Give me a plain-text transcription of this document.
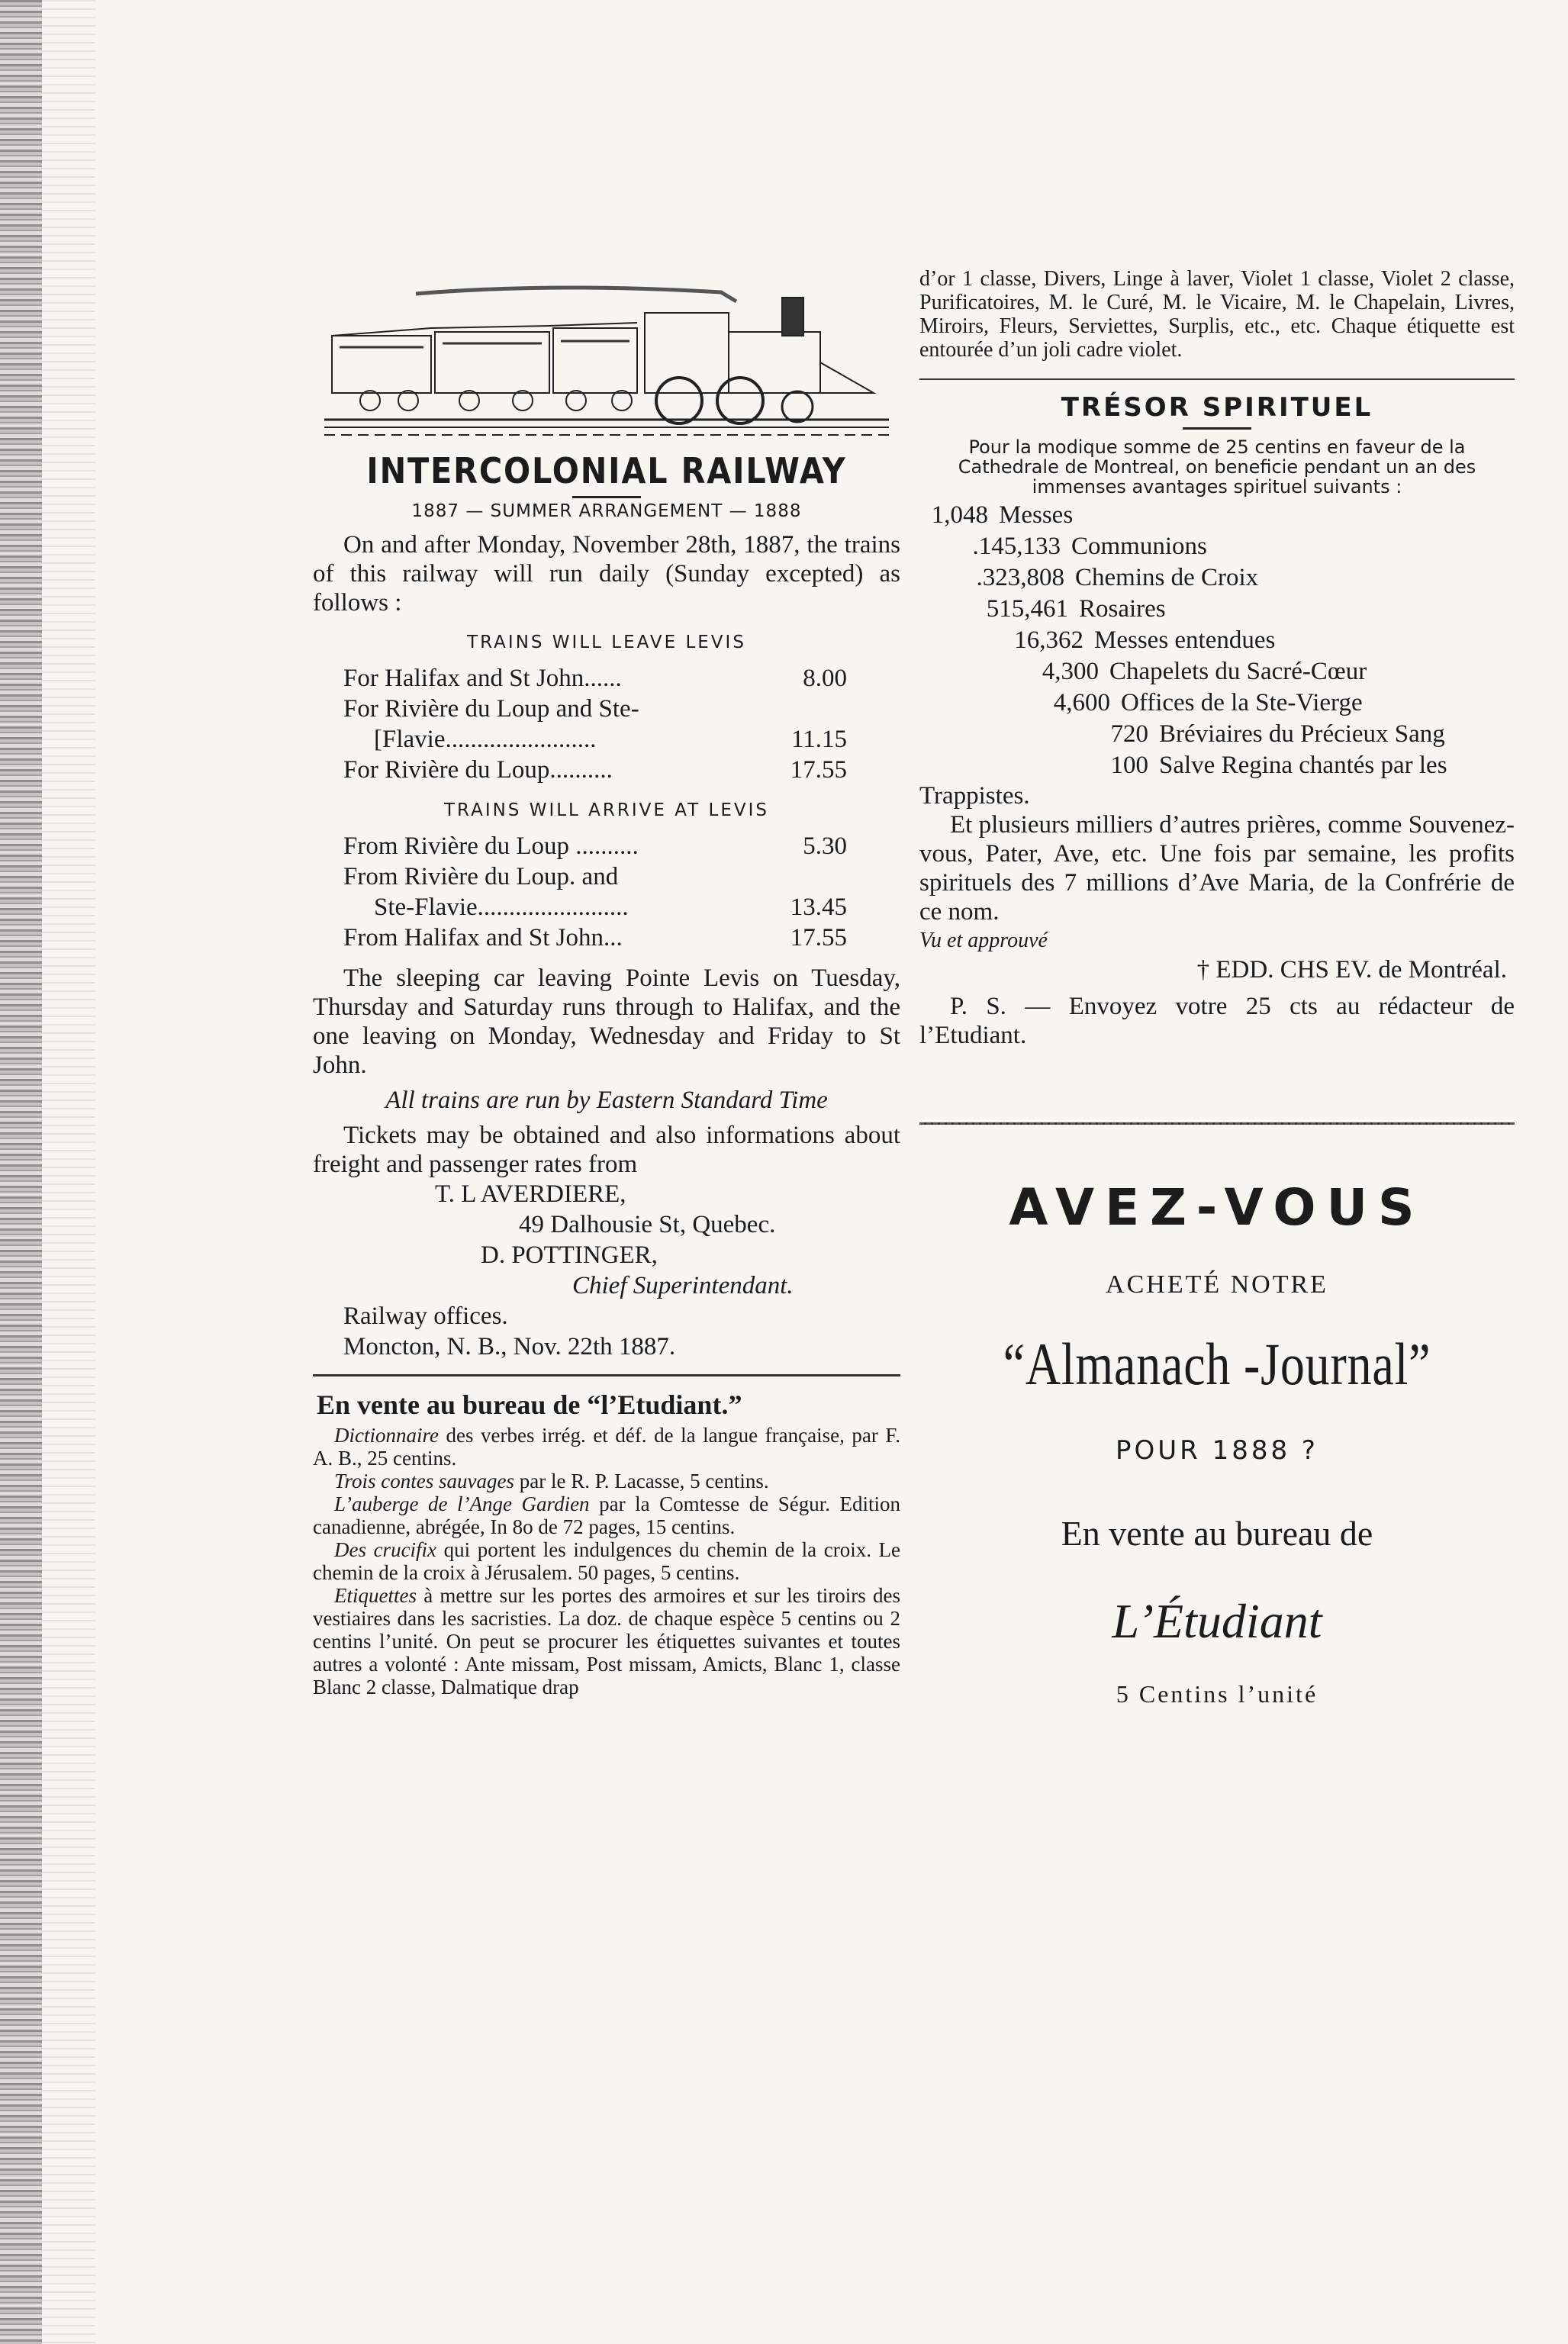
INTERCOLONIAL RAILWAY
1887 — SUMMER ARRANGEMENT — 1888
On and after Monday, November 28th, 1887, the trains of this railway will run daily (Sunday excepted) as follows :
TRAINS WILL LEAVE LEVIS
For Halifax and St John......	8.00
For Rivière du Loup and Ste-
[Flavie........................	11.15
For Rivière du Loup..........	17.55
TRAINS WILL ARRIVE AT LEVIS
From Rivière du Loup ..........	5.30
From Rivière du Loup. and
Ste-Flavie........................	13.45
From Halifax and St John...	17.55
The sleeping car leaving Pointe Levis on Tuesday, Thursday and Saturday runs through to Halifax, and the one leaving on Monday, Wednesday and Friday to St John.
All trains are run by Eastern Standard Time
Tickets may be obtained and also informations about freight and passenger rates from
T. L AVERDIERE,
49 Dalhousie St, Quebec.
D. POTTINGER,
Chief Superintendant.
Railway offices.
Moncton, N. B., Nov. 22th 1887.
En vente au bureau de “l’Etudiant.”
Dictionnaire des verbes irrég. et déf. de la langue française, par F. A. B., 25 centins.
Trois contes sauvages par le R. P. Lacasse, 5 centins.
L’auberge de l’Ange Gardien par la Comtesse de Ségur. Edition canadienne, abrégée, In 8o de 72 pages, 15 centins.
Des crucifix qui portent les indulgences du chemin de la croix. Le chemin de la croix à Jérusalem. 50 pages, 5 centins.
Etiquettes à mettre sur les portes des armoires et sur les tiroirs des vestiaires dans les sacristies. La doz. de chaque espèce 5 centins ou 2 centins l’unité. On peut se procurer les étiquettes suivantes et toutes autres a volonté : Ante missam, Post missam, Amicts, Blanc 1, classe Blanc 2 classe, Dalmatique drap
d’or 1 classe, Divers, Linge à laver, Violet 1 classe, Violet 2 classe, Purificatoires, M. le Curé, M. le Vicaire, M. le Chapelain, Livres, Miroirs, Fleurs, Serviettes, Surplis, etc., etc. Chaque étiquette est entourée d’un joli cadre violet.
TRÉSOR SPIRITUEL
Pour la modique somme de 25 centins en faveur de la Cathedrale de Montreal, on beneficie pendant un an des immenses avantages spirituel suivants :
1,048 Messes
.145,133 Communions
.323,808 Chemins de Croix
515,461 Rosaires
16,362 Messes entendues
4,300 Chapelets du Sacré-Cœur
4,600 Offices de la Ste-Vierge
720 Bréviaires du Précieux Sang
100 Salve Regina chantés par les
Trappistes.
Et plusieurs milliers d’autres prières, comme Souvenez-vous, Pater, Ave, etc. Une fois par semaine, les profits spirituels des 7 millions d’Ave Maria, de la Confrérie de ce nom.
Vu et approuvé
† EDD. CHS EV. de Montréal.
P. S. — Envoyez votre 25 cts au rédacteur de l’Etudiant.
AVEZ-VOUS
ACHETÉ NOTRE
“Almanach -Journal”
POUR 1888 ?
En vente au bureau de
L’Étudiant
5 Centins l’unité
